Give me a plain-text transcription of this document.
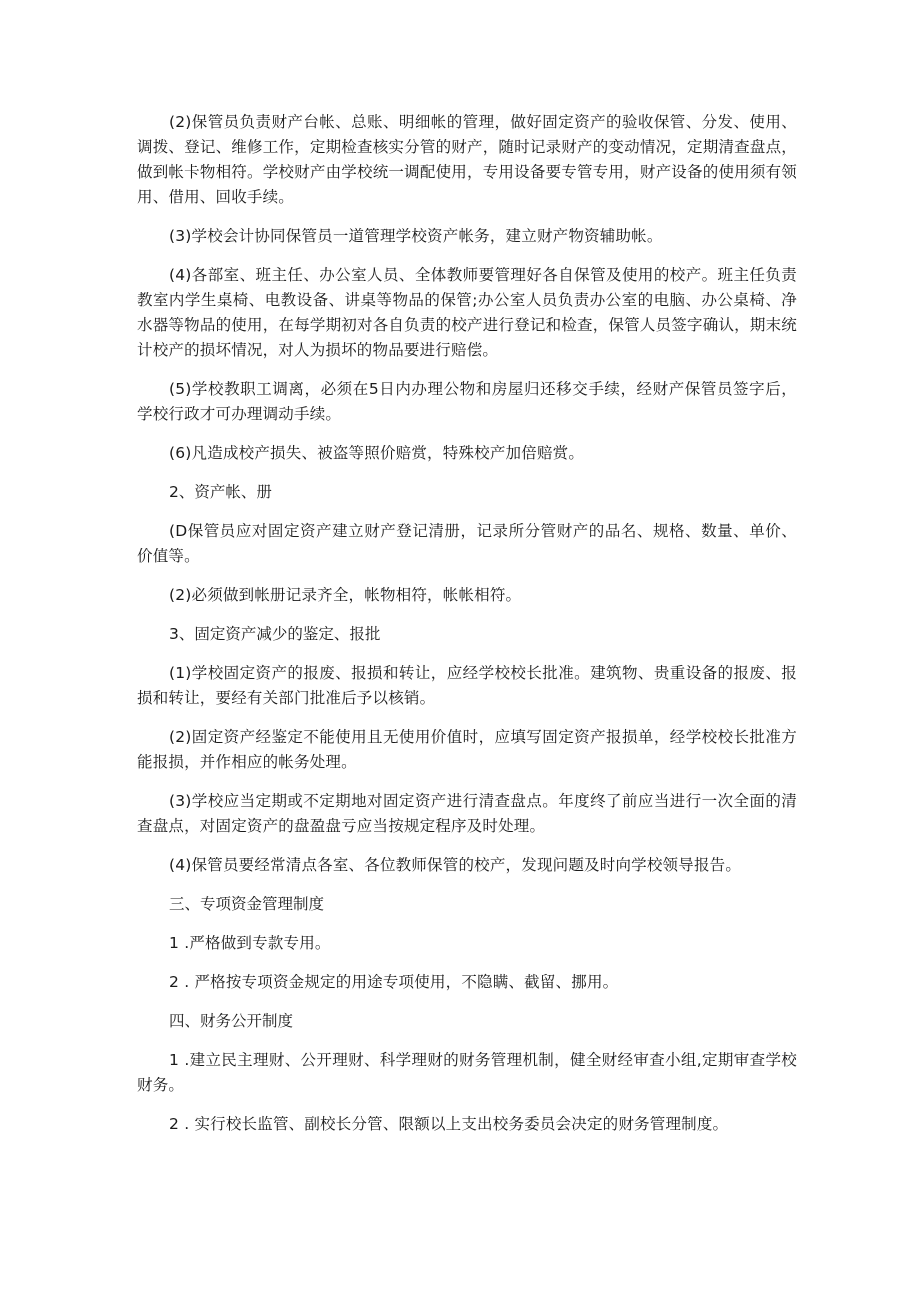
(2)保管员负责财产台帐、总账、明细帐的管理，做好固定资产的验收保管、分发、使用、调拨、登记、维修工作，定期检查核实分管的财产，随时记录财产的变动情况，定期清查盘点，做到帐卡物相符。学校财产由学校统一调配使用，专用设备要专管专用，财产设备的使用须有领用、借用、回收手续。

(3)学校会计协同保管员一道管理学校资产帐务，建立财产物资辅助帐。

(4)各部室、班主任、办公室人员、全体教师要管理好各自保管及使用的校产。班主任负责教室内学生桌椅、电教设备、讲桌等物品的保管;办公室人员负责办公室的电脑、办公桌椅、净水器等物品的使用，在每学期初对各自负责的校产进行登记和检查，保管人员签字确认，期末统计校产的损坏情况，对人为损坏的物品要进行赔偿。

(5)学校教职工调离，必须在5日内办理公物和房屋归还移交手续，经财产保管员签字后，学校行政才可办理调动手续。

(6)凡造成校产损失、被盗等照价赔赏，特殊校产加倍赔赏。

2、资产帐、册

(D保管员应对固定资产建立财产登记清册，记录所分管财产的品名、规格、数量、单价、价值等。

(2)必须做到帐册记录齐全，帐物相符，帐帐相符。

3、固定资产减少的鉴定、报批

(1)学校固定资产的报废、报损和转让，应经学校校长批准。建筑物、贵重设备的报废、报损和转让，要经有关部门批准后予以核销。

(2)固定资产经鉴定不能使用且无使用价值时，应填写固定资产报损单，经学校校长批准方能报损，并作相应的帐务处理。

(3)学校应当定期或不定期地对固定资产进行清查盘点。年度终了前应当进行一次全面的清查盘点，对固定资产的盘盈盘亏应当按规定程序及时处理。

(4)保管员要经常清点各室、各位教师保管的校产，发现问题及时向学校领导报告。

三、专项资金管理制度

1 .严格做到专款专用。

2 . 严格按专项资金规定的用途专项使用，不隐瞒、截留、挪用。

四、财务公开制度

1 .建立民主理财、公开理财、科学理财的财务管理机制，健全财经审查小组,定期审查学校财务。

2 . 实行校长监管、副校长分管、限额以上支出校务委员会决定的财务管理制度。
